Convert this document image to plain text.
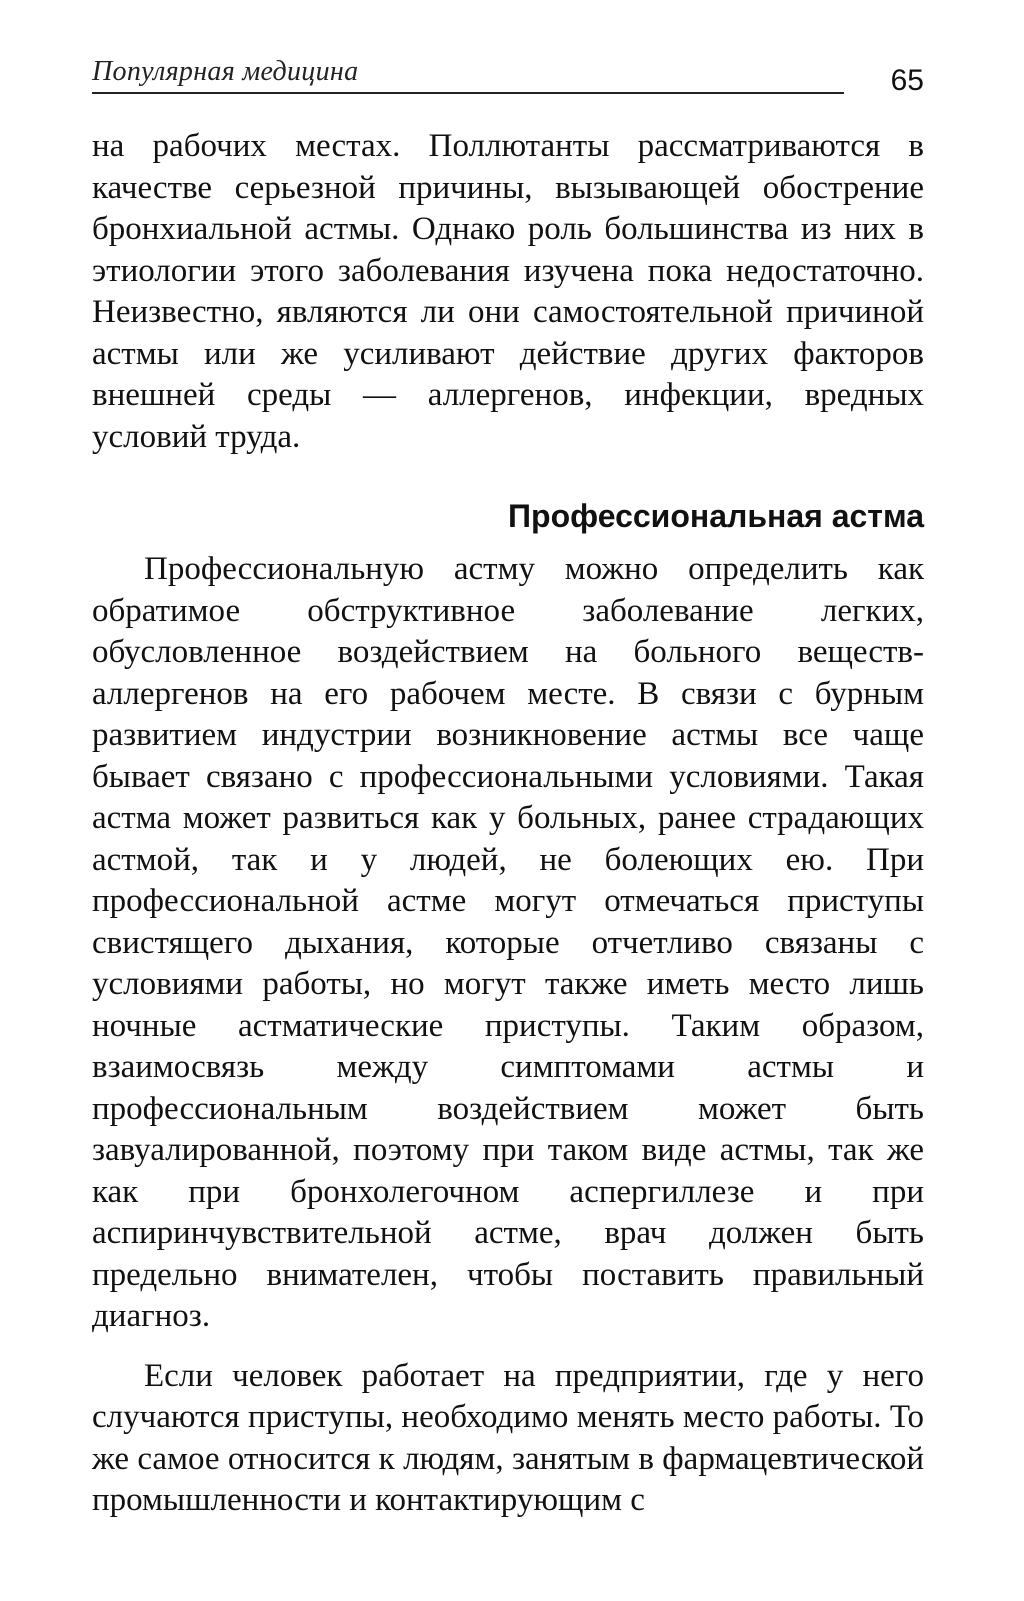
Популярная медицина	65

на рабочих местах. Поллютанты рассматриваются в качестве серьезной причины, вызывающей обострение бронхиальной астмы. Однако роль большинства из них в этиологии этого заболевания изучена пока недостаточно. Неизвестно, являются ли они самостоятельной причиной астмы или же усиливают действие других факторов внешней среды — аллергенов, инфекции, вредных условий труда.

Профессиональная астма

Профессиональную астму можно определить как обратимое обструктивное заболевание легких, обусловленное воздействием на больного веществ-аллергенов на его рабочем месте. В связи с бурным развитием индустрии возникновение астмы все чаще бывает связано с профессиональными условиями. Такая астма может развиться как у больных, ранее страдающих астмой, так и у людей, не болеющих ею. При профессиональной астме могут отмечаться приступы свистящего дыхания, которые отчетливо связаны с условиями работы, но могут также иметь место лишь ночные астматические приступы. Таким образом, взаимосвязь между симптомами астмы и профессиональным воздействием может быть завуалированной, поэтому при таком виде астмы, так же как при бронхолегочном аспергиллезе и при аспиринчувствительной астме, врач должен быть предельно внимателен, чтобы поставить правильный диагноз.

Если человек работает на предприятии, где у него случаются приступы, необходимо менять место работы. То же самое относится к людям, занятым в фармацевтической промышленности и контактирующим с
